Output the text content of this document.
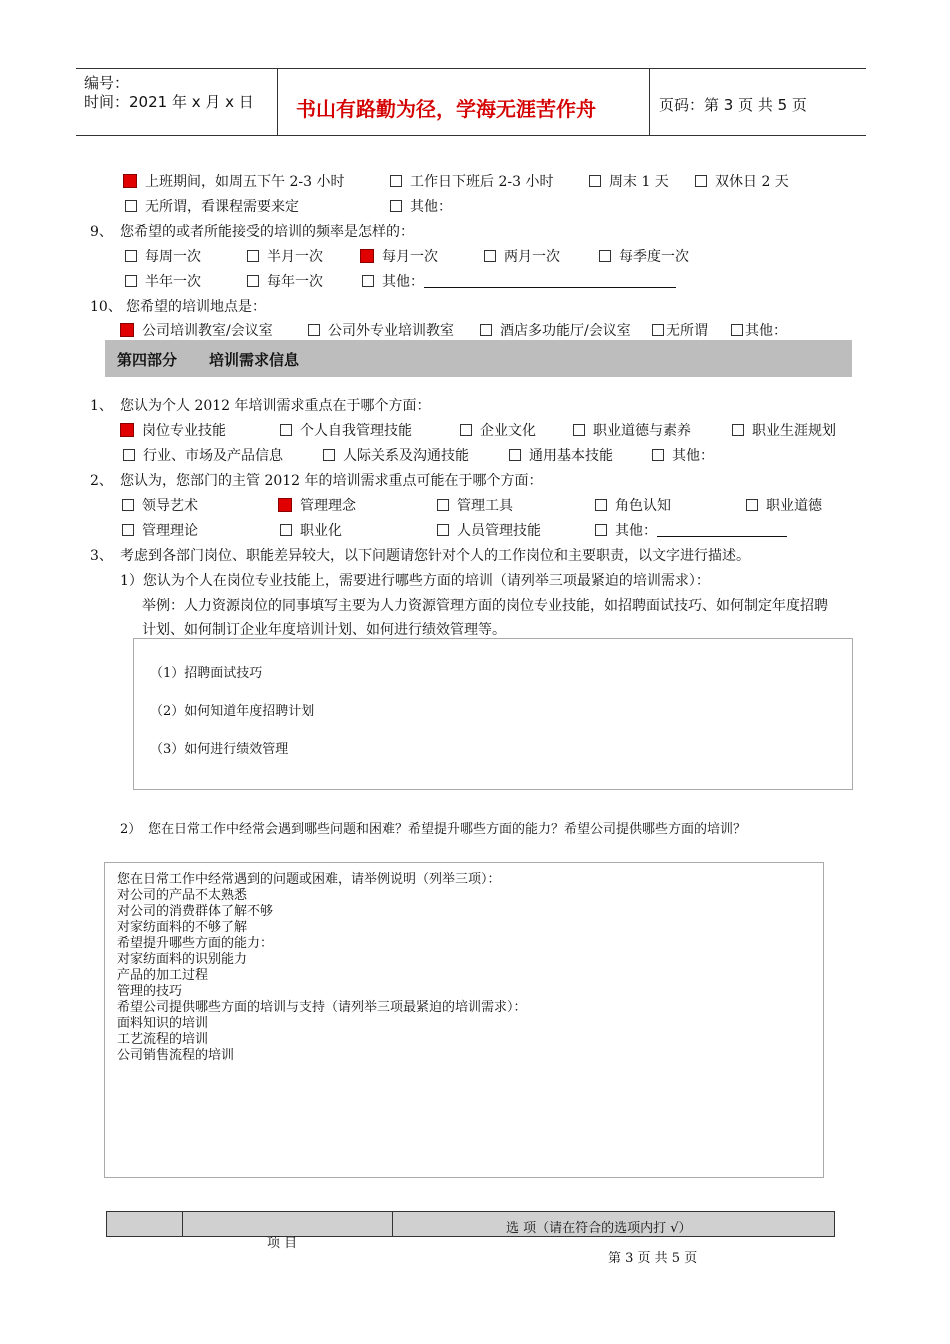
编号：
时间：2021 年 x 月 x 日 书山有路勤为径，学海无涯苦作舟	页码：第 3 页 共 5 页
上班期间，如周五下午 2-3 小时	工作日下班后 2-3 小时	周末 1 天	双休日 2 天
无所谓，看课程需要来定	其他：
9、 您希望的或者所能接受的培训的频率是怎样的：
每周一次	半月一次	每月一次	两月一次	每季度一次
半年一次	每年一次	其他：
10、 您希望的培训地点是：
公司培训教室/会议室	公司外专业培训教室	酒店多功能厅/会议室	无所谓	其他：
第四部分 培训需求信息
1、 您认为个人 2012 年培训需求重点在于哪个方面：
岗位专业技能	个人自我管理技能	企业文化	职业道德与素养	职业生涯规划
行业、市场及产品信息	人际关系及沟通技能	通用基本技能	其他：
2、 您认为，您部门的主管 2012 年的培训需求重点可能在于哪个方面：
领导艺术	管理理念	管理工具	角色认知	职业道德
管理理论	职业化	人员管理技能	其他：
3、 考虑到各部门岗位、职能差异较大，以下问题请您针对个人的工作岗位和主要职责，以文字进行描述。
1）您认为个人在岗位专业技能上，需要进行哪些方面的培训（请列举三项最紧迫的培训需求）：
举例：人力资源岗位的同事填写主要为人力资源管理方面的岗位专业技能，如招聘面试技巧、如何制定年度招聘
计划、如何制订企业年度培训计划、如何进行绩效管理等。
（1）招聘面试技巧
（2）如何知道年度招聘计划
（3）如何进行绩效管理
2） 您在日常工作中经常会遇到哪些问题和困难？希望提升哪些方面的能力？希望公司提供哪些方面的培训？
您在日常工作中经常遇到的问题或困难，请举例说明（列举三项）：
对公司的产品不太熟悉
对公司的消费群体了解不够
对家纺面料的不够了解
希望提升哪些方面的能力：
对家纺面料的识别能力
产品的加工过程
管理的技巧
希望公司提供哪些方面的培训与支持（请列举三项最紧迫的培训需求）：
面料知识的培训
工艺流程的培训
公司销售流程的培训
选 项（请在符合的选项内打 √）
项 目
第 3 页 共 5 页
